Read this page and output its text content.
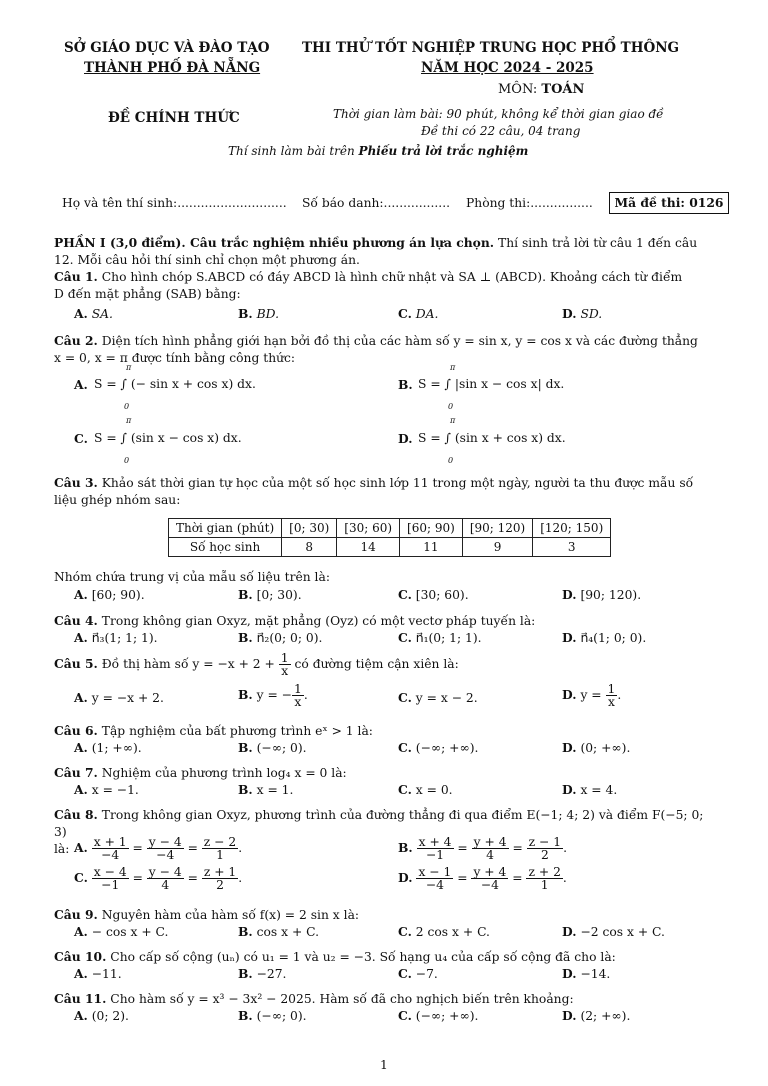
SỞ GIÁO DỤC VÀ ĐÀO TẠO
THÀNH PHỐ ĐÀ NẴNG
THI THỬ TỐT NGHIỆP TRUNG HỌC PHỔ THÔNG
NĂM HỌC 2024 - 2025
MÔN: TOÁN
ĐỀ CHÍNH THỨC	Thời gian làm bài: 90 phút, không kể thời gian giao đề
Đề thi có 22 câu, 04 trang
Thí sinh làm bài trên Phiếu trả lời trắc nghiệm
Họ và tên thí sinh:............................ Số báo danh:................. Phòng thi:................	Mã đề thi: 0126
PHẦN I (3,0 điểm). Câu trắc nghiệm nhiều phương án lựa chọn. Thí sinh trả lời từ câu 1 đến câu
12. Mỗi câu hỏi thí sinh chỉ chọn một phương án.
Câu 1. Cho hình chóp S.ABCD có đáy ABCD là hình chữ nhật và SA ⊥ (ABCD). Khoảng cách từ điểm
D đến mặt phẳng (SAB) bằng:
A. SA.	B. BD.	C. DA.	D. SD.
Câu 2. Diện tích hình phẳng giới hạn bởi đồ thị của các hàm số y = sin x, y = cos x và các đường thẳng
x = 0, x = π được tính bằng công thức:
A. S = ∫ (− sin x + cos x) dx.
π
0
B. S = ∫ |sin x − cos x| dx.
π
0
C. S = ∫ (sin x − cos x) dx.
π
0
D. S = ∫ (sin x + cos x) dx.
π
0
Câu 3. Khảo sát thời gian tự học của một số học sinh lớp 11 trong một ngày, người ta thu được mẫu số
liệu ghép nhóm sau:
Thời gian (phút)	[0; 30)	[30; 60)	[60; 90)	[90; 120)	[120; 150)
Số học sinh	8	14	11	9	3
Nhóm chứa trung vị của mẫu số liệu trên là:
A. [60; 90).	B. [0; 30).	C. [30; 60).	D. [90; 120).
Câu 4. Trong không gian Oxyz, mặt phẳng (Oyz) có một vectơ pháp tuyến là:
A. n⃗₃(1; 1; 1).	B. n⃗₂(0; 0; 0).	C. n⃗₁(0; 1; 1).	D. n⃗₄(1; 0; 0).
Câu 5. Đồ thị hàm số $y = -x + 2 + \frac{1}{x}$ có đường tiệm cận xiên là:
A. y = −x + 2.	B. y = − $\frac{1}{x}$ .	C. y = x − 2.	D. $y = \frac{1}{x}$ .
Câu 6. Tập nghiệm của bất phương trình eˣ > 1 là:
A. (1; +∞).	B. (−∞; 0).	C. (−∞; +∞).	D. (0; +∞).
Câu 7. Nghiệm của phương trình log₄ x = 0 là:
A. x = −1.	B. x = 1.	C. x = 0.	D. x = 4.
Câu 8. Trong không gian Oxyz, phương trình của đường thẳng đi qua điểm E(−1; 4; 2) và điểm F(−5; 0; 3)
là: A. $\frac{x + 1}{-4} = \frac{y - 4}{-4} = \frac{z - 2}{1}$ .	B. $\frac{x + 4}{-1} = \frac{y + 4}{4} = \frac{z - 1}{2}$ .
C. $\frac{x - 4}{-1} = \frac{y - 4}{4} = \frac{z + 1}{2}$ .	D. $\frac{x - 1}{-4} = \frac{y + 4}{-4} = \frac{z + 2}{1}$ .
Câu 9. Nguyên hàm của hàm số f(x) = 2 sin x là:
A. − cos x + C.	B. cos x + C.	C. 2 cos x + C.	D. −2 cos x + C.
Câu 10. Cho cấp số cộng (uₙ) có u₁ = 1 và u₂ = −3. Số hạng u₄ của cấp số cộng đã cho là:
A. −11.	B. −27.	C. −7.	D. −14.
Câu 11. Cho hàm số y = x³ − 3x² − 2025. Hàm số đã cho nghịch biến trên khoảng:
A. (0; 2).	B. (−∞; 0).	C. (−∞; +∞).	D. (2; +∞).
1
